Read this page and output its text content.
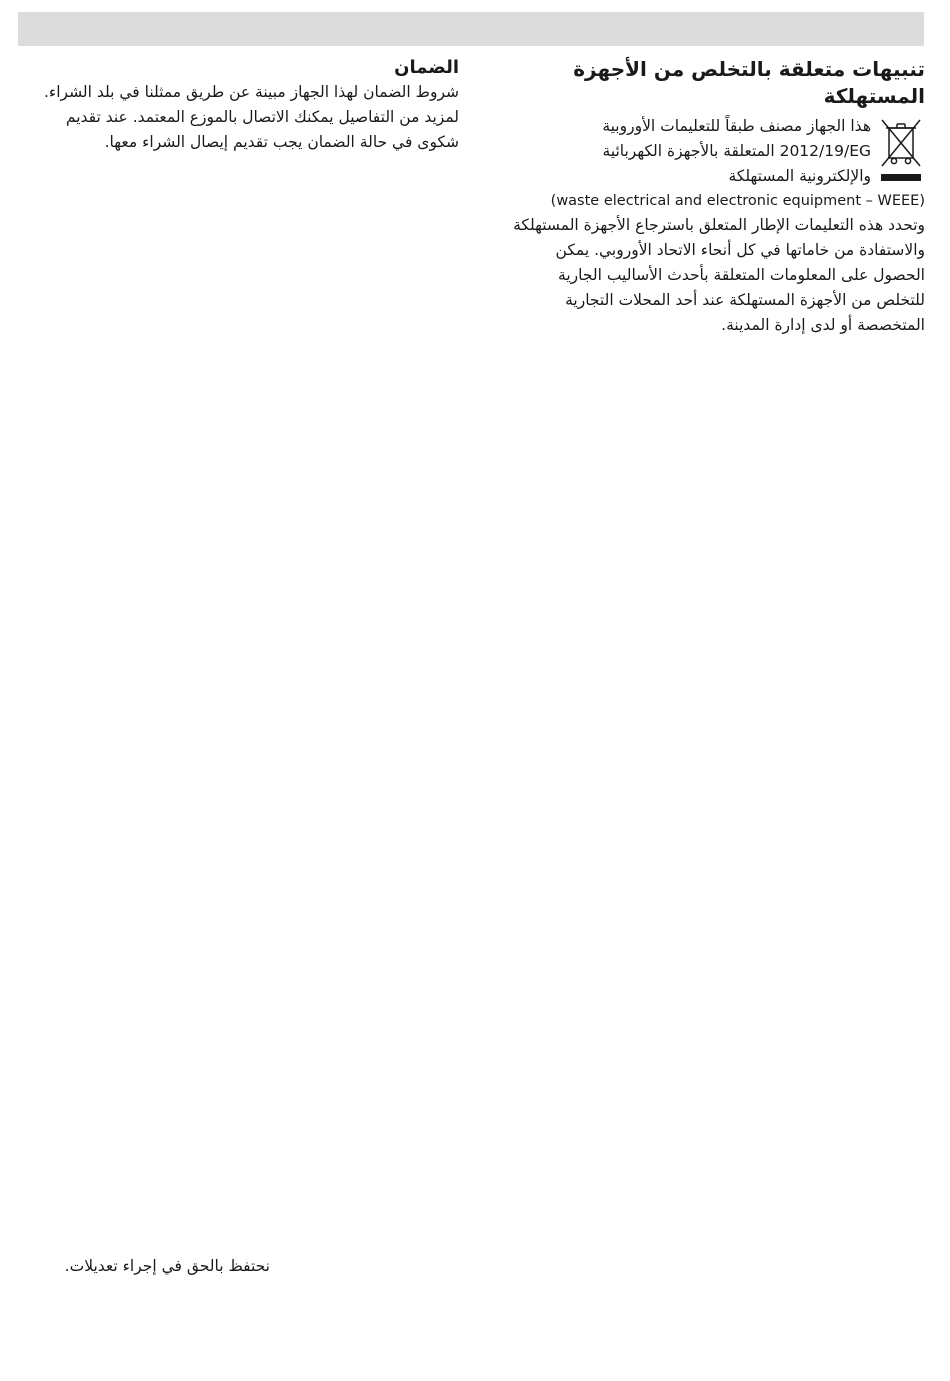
تنبيهات متعلقة بالتخلص من الأجهزة المستهلكة

هذا الجهاز مصنف طبقاً للتعليمات الأوروبية

2012/19/EG المتعلقة بالأجهزة الكهربائية

والإلكترونية المستهلكة

(waste electrical and electronic equipment – WEEE)

وتحدد هذه التعليمات الإطار المتعلق باسترجاع الأجهزة المستهلكة والاستفادة من خاماتها في كل أنحاء الاتحاد الأوروبي. يمكن الحصول على المعلومات المتعلقة بأحدث الأساليب الجارية للتخلص من الأجهزة المستهلكة عند أحد المحلات التجارية المتخصصة أو لدى إدارة المدينة.

الضمان

شروط الضمان لهذا الجهاز مبينة عن طريق ممثلنا في بلد الشراء. لمزيد من التفاصيل يمكنك الاتصال بالموزع المعتمد. عند تقديم شكوى في حالة الضمان يجب تقديم إيصال الشراء معها.

نحتفظ بالحق في إجراء تعديلات.
